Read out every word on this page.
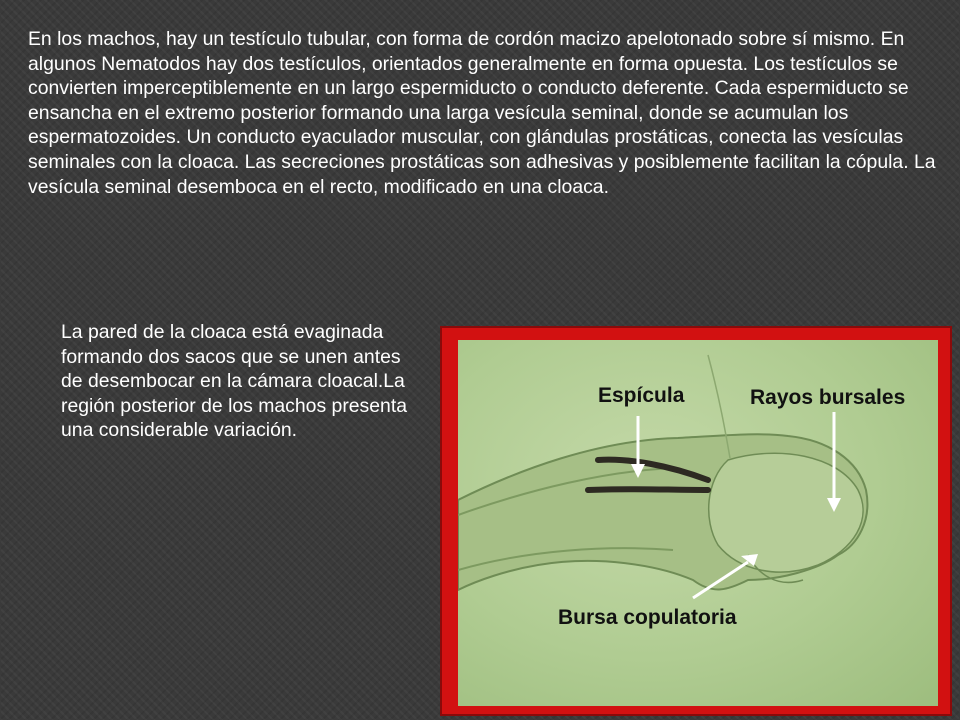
En los machos, hay un testículo tubular, con forma de cordón macizo apelotonado sobre sí mismo. En algunos Nematodos hay dos testículos, orientados generalmente en forma opuesta. Los testículos se convierten imperceptiblemente en un largo espermiducto o conducto deferente. Cada espermiducto se ensancha en el extremo posterior formando una larga vesícula seminal, donde se acumulan los espermatozoides. Un conducto eyaculador muscular, con glándulas prostáticas, conecta las vesículas seminales con la cloaca. Las secreciones prostáticas son adhesivas y posiblemente facilitan la cópula. La vesícula seminal desemboca en el recto, modificado en una cloaca.

La pared de la cloaca está evaginada formando dos sacos que se unen antes de desembocar en la cámara cloacal.La región posterior de los machos presenta una considerable variación.

Espícula	Rayos bursales

Bursa copulatoria
